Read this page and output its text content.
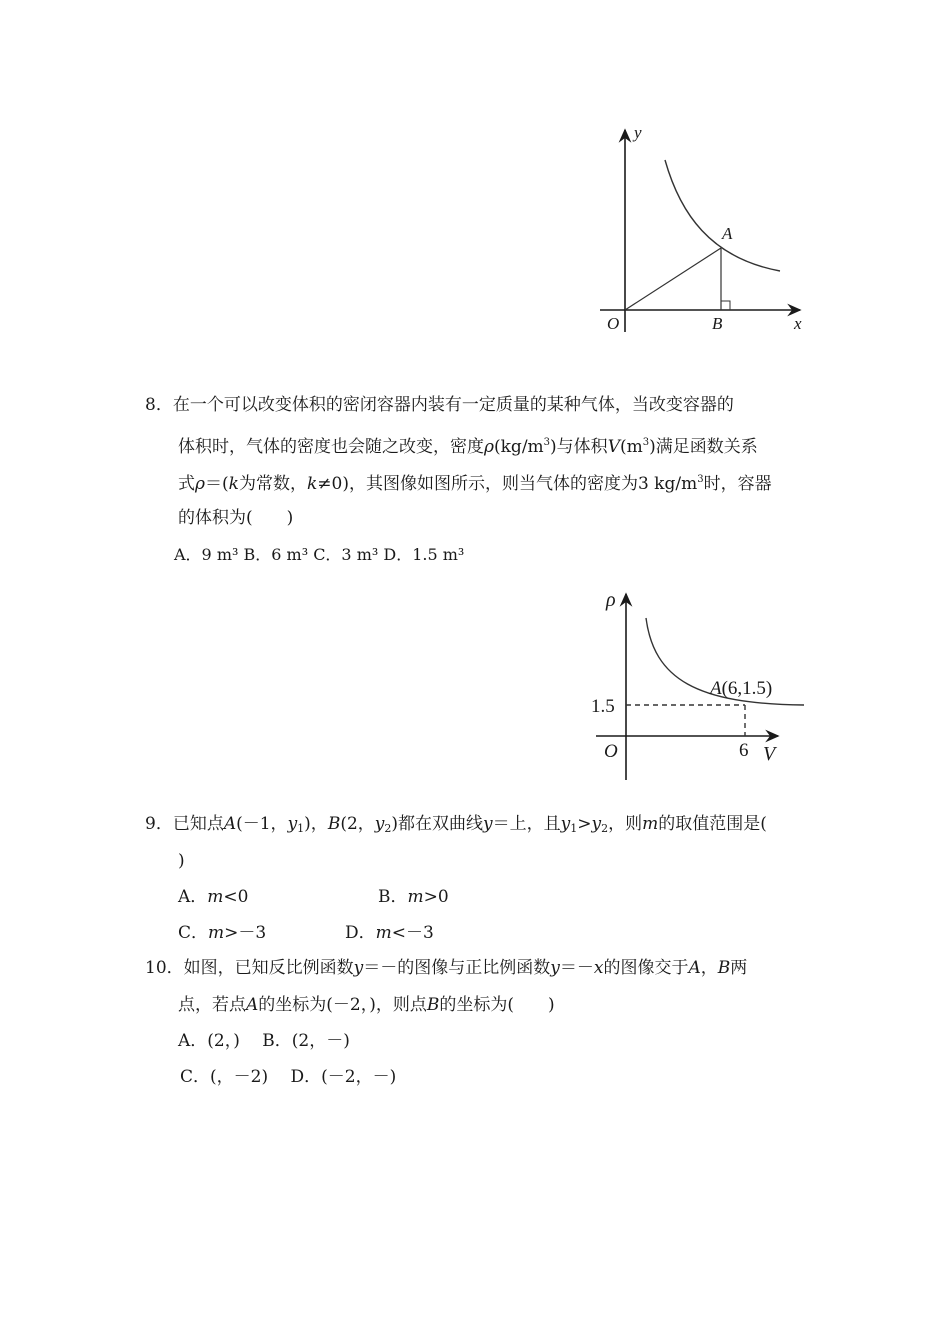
y
x
O
A
B
8．在一个可以改变体积的密闭容器内装有一定质量的某种气体，当改变容器的
体积时，气体的密度也会随之改变，密度$\rho(kg/m^3)$与体积$V(m^3)$满足函数关系
式ρ＝(k为常数，k≠0)，其图像如图所示，则当气体的密度为3 $kg/m^3$时，容器
的体积为(　　)
A．9 m³ B．6 m³ C．3 m³ D．1.5 m³
ρ
V
O
1.5
6
A(6,1.5)
9．已知点A(－1，$y_1$)，B(2，$y_2$)都在双曲线y＝上，且$y_1>y_2$，则m的取值范围是(
)
A．m<0	B．m>0
C．m>－3	D．m<－3
10．如图，已知反比例函数y＝－的图像与正比例函数y＝－x的图像交于A，B两
点，若点A的坐标为(－2，)，则点B的坐标为(　　)
A．(2，)　 B．(2，－)
C．(，－2)　 D．(－2，－)
